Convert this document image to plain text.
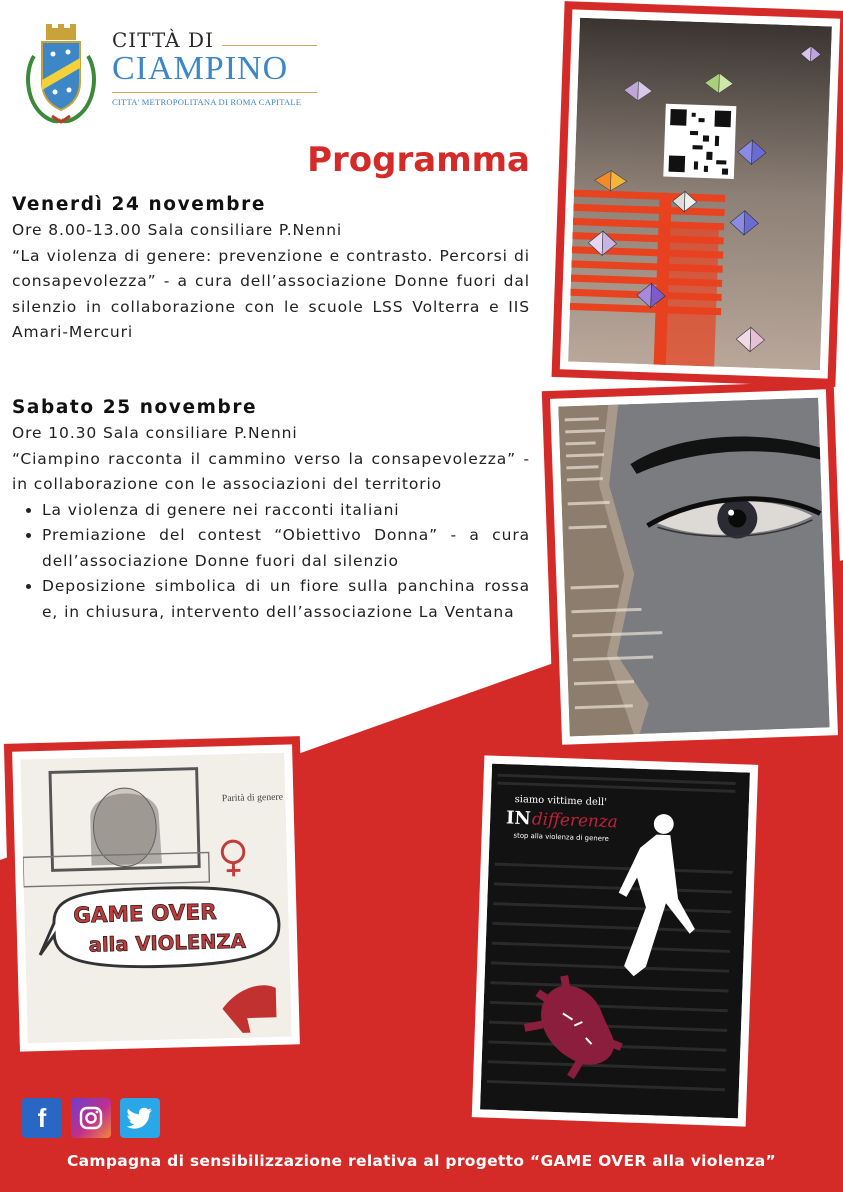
CITTÀ DI
CIAMPINO
CITTA' METROPOLITANA DI ROMA CAPITALE
Programma
Venerdì 24 novembre
Ore 8.00-13.00 Sala consiliare P.Nenni
“La violenza di genere: prevenzione e contrasto. Percorsi di consapevolezza” - a cura dell’associazione Donne fuori dal silenzio in collaborazione con le scuole LSS Volterra e IIS Amari-Mercuri
Sabato 25 novembre
Ore 10.30 Sala consiliare P.Nenni
“Ciampino racconta il cammino verso la consapevolezza” - in collaborazione con le associazioni del territorio
• La violenza di genere nei racconti italiani
• Premiazione del contest “Obiettivo Donna” - a cura dell’associazione Donne fuori dal silenzio
• Deposizione simbolica di un fiore sulla panchina rossa e, in chiusura, intervento dell’associazione La Ventana
Parità di genere
GAME OVER
alla VIOLENZA
siamo vittime dell'
IN differenza
stop alla violenza di genere
f
Campagna di sensibilizzazione relativa al progetto “GAME OVER alla violenza”
